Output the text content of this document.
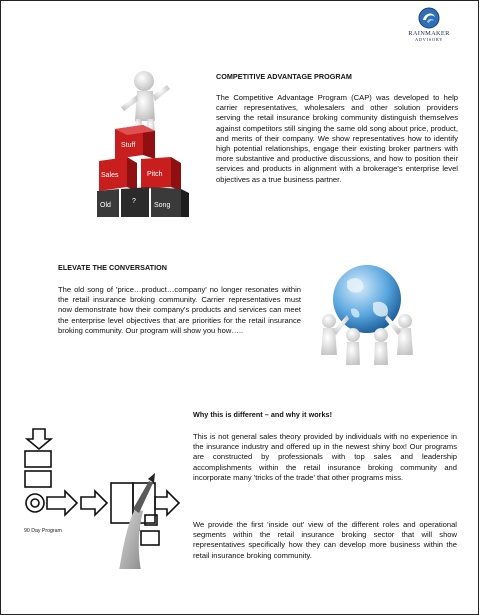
RAINMAKER
ADVISORY
Stuff
Sales	Pitch
Old
?
Song
COMPETITIVE ADVANTAGE PROGRAM

The Competitive Advantage Program (CAP) was developed to help carrier representatives, wholesalers and other solution providers serving the retail insurance broking community distinguish themselves against competitors still singing the same old song about price, product, and merits of their company. We show representatives how to identify high potential relationships, engage their existing broker partners with more substantive and productive discussions, and how to position their services and products in alignment with a brokerage's enterprise level objectives as a true business partner.

ELEVATE THE CONVERSATION

The old song of 'price…product…company' no longer resonates within the retail insurance broking community. Carrier representatives must now demonstrate how their company's products and services can meet the enterprise level objectives that are priorities for the retail insurance broking community. Our program will show you how…..

Why this is different – and why it works!

This is not general sales theory provided by individuals with no experience in the insurance industry and offered up in the newest shiny box! Our programs are constructed by professionals with top sales and leadership accomplishments within the retail insurance broking community and incorporate many 'tricks of the trade' that other programs miss.

We provide the first 'inside out' view of the different roles and operational segments within the retail insurance broking sector that will show representatives specifically how they can develop more business within the retail insurance broking community.

90 Day Program
